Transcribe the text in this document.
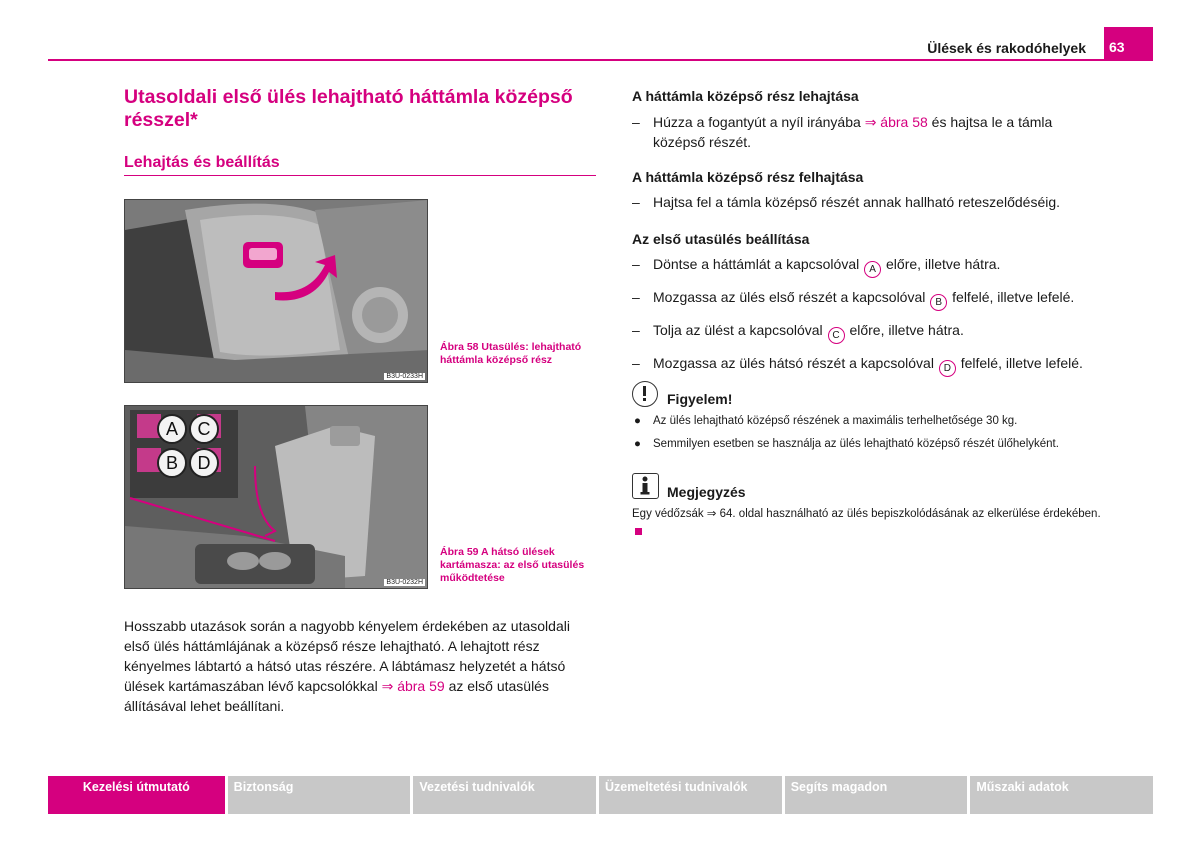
Ülések és rakodóhelyek	63
Utasoldali első ülés lehajtható háttámla középső résszel*
Lehajtás és beállítás
B3U-0233H
Ábra 58 Utasülés: lehajtható háttámla középső rész
A	C
B	D
B3U-0232H
Ábra 59 A hátsó ülések kartámasza: az első utasülés működtetése
Hosszabb utazások során a nagyobb kényelem érdekében az utasoldali első ülés háttámlájának a középső része lehajtható. A lehajtott rész kényelmes lábtartó a hátsó utas részére. A lábtámasz helyzetét a hátsó ülések kartámaszában lévő kapcsolókkal ⇒ ábra 59 az első utasülés állításával lehet beállítani.
A háttámla középső rész lehajtása
– Húzza a fogantyút a nyíl irányába ⇒ ábra 58 és hajtsa le a támla középső részét.
A háttámla középső rész felhajtása
– Hajtsa fel a támla középső részét annak hallható reteszelődéséig.
Az első utasülés beállítása
– Döntse a háttámlát a kapcsolóval A előre, illetve hátra.
– Mozgassa az ülés első részét a kapcsolóval B felfelé, illetve lefelé.
– Tolja az ülést a kapcsolóval C előre, illetve hátra.
– Mozgassa az ülés hátsó részét a kapcsolóval D felfelé, illetve lefelé.
Figyelem!
● Az ülés lehajtható középső részének a maximális terhelhetősége 30 kg.
● Semmilyen esetben se használja az ülés lehajtható középső részét ülőhelyként.
Megjegyzés
Egy védőzsák ⇒ 64. oldal használható az ülés bepiszkolódásának az elkerülése érdekében.
Kezelési útmutató	Biztonság	Vezetési tudnivalók	Üzemeltetési tudnivalók	Segíts magadon	Műszaki adatok
